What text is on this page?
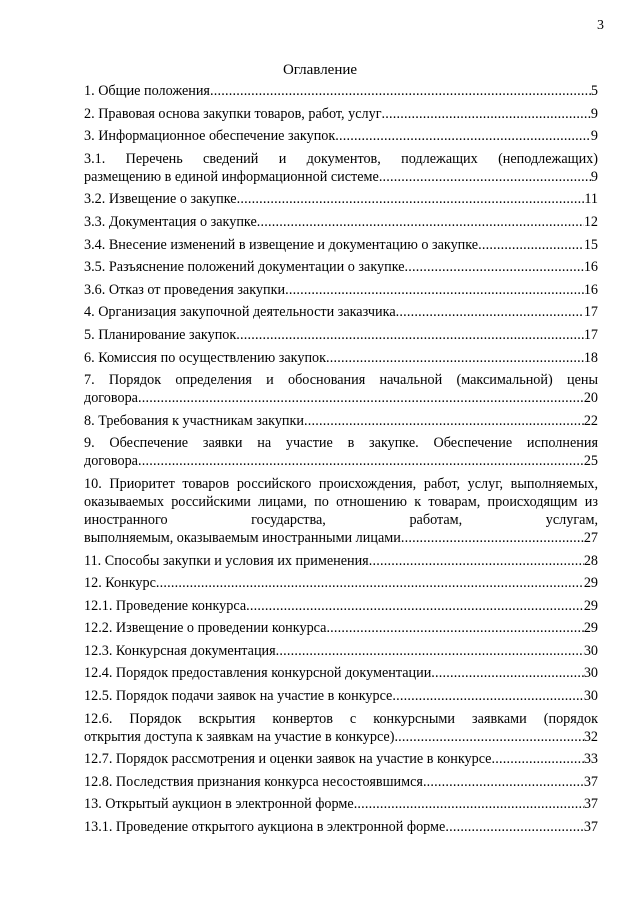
3
Оглавление
1. Общие положения .....	5
2. Правовая основа закупки товаров, работ, услуг .....	9
3. Информационное обеспечение закупок .....	9
3.1. Перечень сведений и документов, подлежащих (неподлежащих)
размещению в единой информационной системе .....	9
3.2. Извещение о закупке .....	11
3.3. Документация о закупке .....	12
3.4. Внесение изменений в извещение и документацию о закупке .....	15
3.5. Разъяснение положений документации о закупке .....	16
3.6. Отказ от проведения закупки .....	16
4. Организация закупочной деятельности заказчика .....	17
5. Планирование закупок .....	17
6. Комиссия по осуществлению закупок .....	18
7. Порядок определения и обоснования начальной (максимальной) цены
договора .....	20
8. Требования к участникам закупки .....	22
9. Обеспечение заявки на участие в закупке. Обеспечение исполнения
договора .....	25
10. Приоритет товаров российского происхождения, работ, услуг, выполняемых, оказываемых российскими лицами, по отношению к товарам, происходящим из иностранного государства, работам, услугам,
выполняемым, оказываемым иностранными лицами .....	27
11. Способы закупки и условия их применения .....	28
12. Конкурс .....	29
12.1. Проведение конкурса .....	29
12.2. Извещение о проведении конкурса .....	29
12.3. Конкурсная документация .....	30
12.4. Порядок предоставления конкурсной документации .....	30
12.5. Порядок подачи заявок на участие в конкурсе .....	30
12.6. Порядок вскрытия конвертов с конкурсными заявками (порядок
открытия доступа к заявкам на участие в конкурсе) .....	32
12.7. Порядок рассмотрения и оценки заявок на участие в конкурсе .....	33
12.8. Последствия признания конкурса несостоявшимся .....	37
13. Открытый аукцион в электронной форме .....	37
13.1. Проведение открытого аукциона в электронной форме .....	37
